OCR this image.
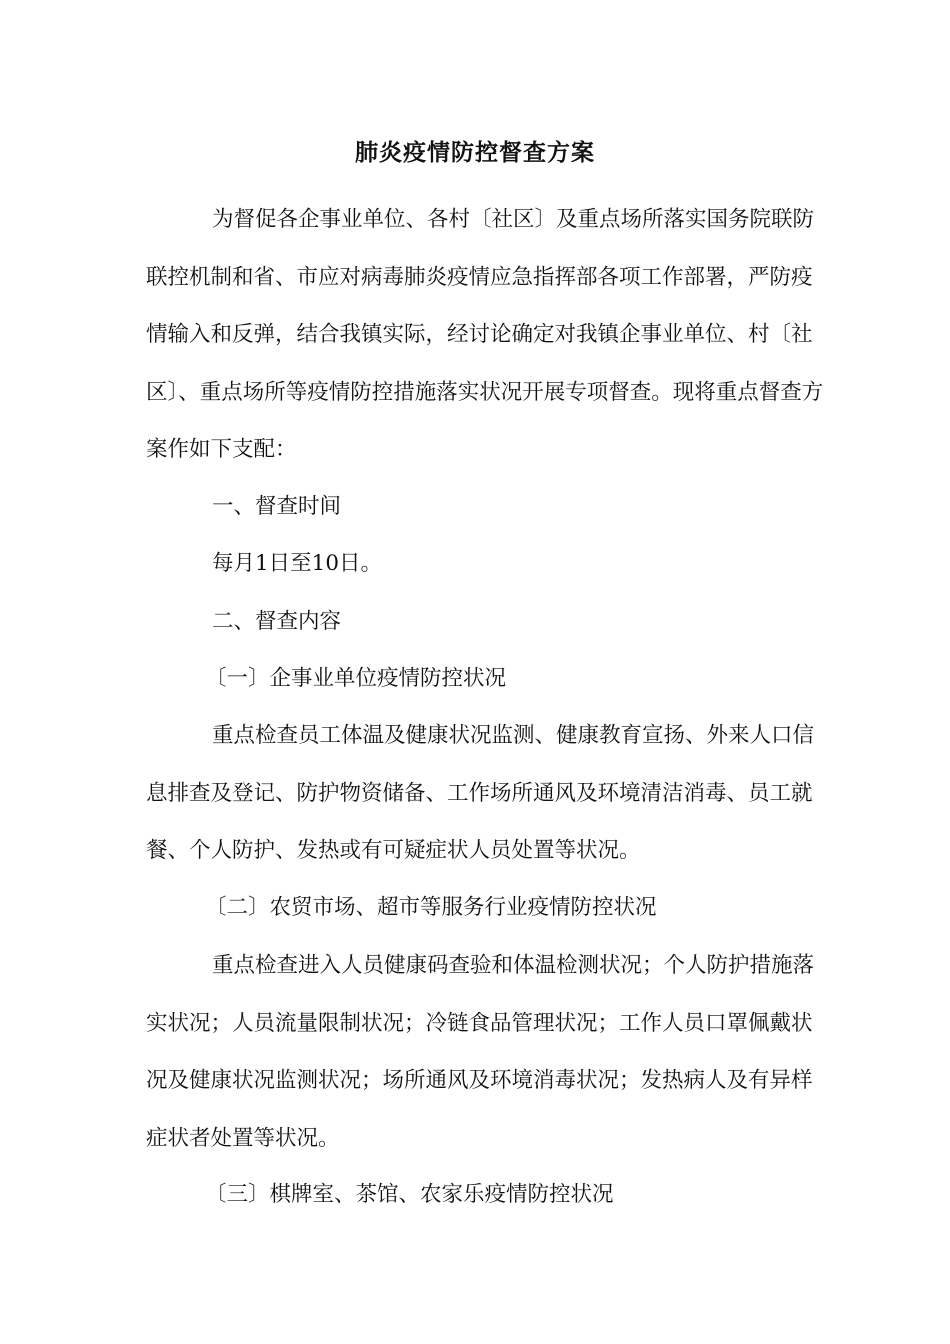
肺炎疫情防控督查方案

为督促各企事业单位、各村〔社区〕及重点场所落实国务院联防联控机制和省、市应对病毒肺炎疫情应急指挥部各项工作部署，严防疫情输入和反弹，结合我镇实际，经讨论确定对我镇企事业单位、村〔社区〕、重点场所等疫情防控措施落实状况开展专项督查。现将重点督查方案作如下支配：

一、督查时间

每月1日至10日。

二、督查内容

〔一〕企事业单位疫情防控状况

重点检查员工体温及健康状况监测、健康教育宣扬、外来人口信息排查及登记、防护物资储备、工作场所通风及环境清洁消毒、员工就餐、个人防护、发热或有可疑症状人员处置等状况。

〔二〕农贸市场、超市等服务行业疫情防控状况

重点检查进入人员健康码查验和体温检测状况；个人防护措施落实状况；人员流量限制状况；冷链食品管理状况；工作人员口罩佩戴状况及健康状况监测状况；场所通风及环境消毒状况；发热病人及有异样症状者处置等状况。

〔三〕棋牌室、茶馆、农家乐疫情防控状况
